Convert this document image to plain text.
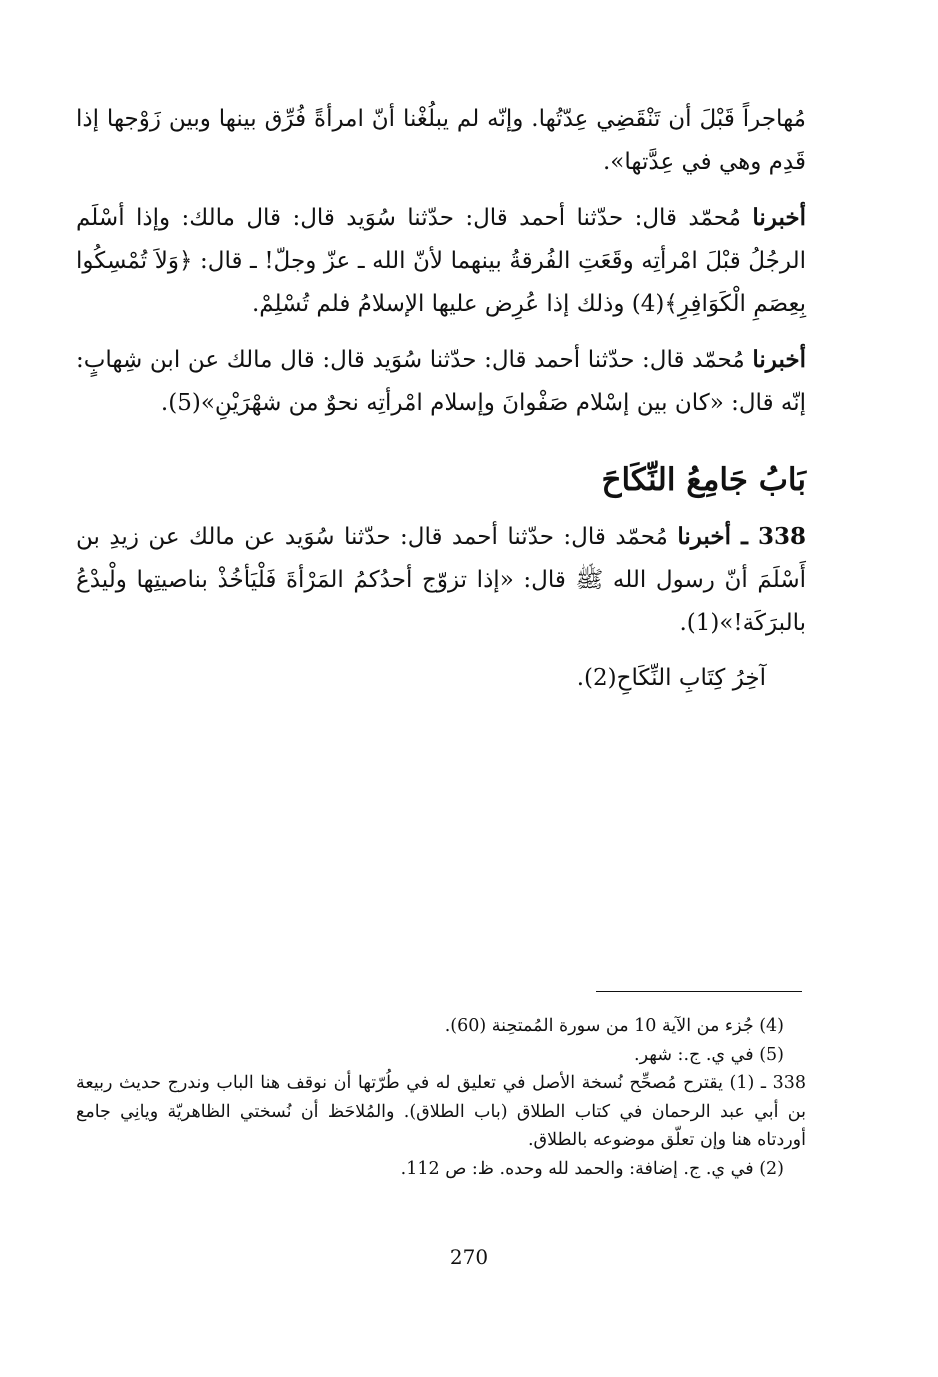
مُهاجراً قَبْلَ أن تَنْقَضِي عِدّتُها. وإنّه لم يبلُغْنا أنّ امرأةً فُرِّق بينها وبين زَوْجها إذا قَدِم وهي في عِدَّتها».

أخبرنا مُحمّد قال: حدّثنا أحمد قال: حدّثنا سُوَيد قال: قال مالك: وإذا أسْلَم الرجُلُ قبْلَ امْرأتِه وقَعَتِ الفُرقةُ بينهما لأنّ الله ـ عزّ وجلّ! ـ قال: ﴿وَلاَ تُمْسِكُوا بِعِصَمِ الْكَوَافِرِ﴾(4) وذلك إذا عُرِض عليها الإسلامُ فلم تُسْلِمْ.

أخبرنا مُحمّد قال: حدّثنا أحمد قال: حدّثنا سُوَيد قال: قال مالك عن ابن شِهابٍ: إنّه قال: «كان بين إسْلام صَفْوانَ وإسلام امْرأتِه نحوٌ من شهْرَيْنِ»(5).

بَابُ جَامِعُ النِّكَاحَ

338 ـ أخبرنا مُحمّد قال: حدّثنا أحمد قال: حدّثنا سُوَيد عن مالك عن زيدِ بن أَسْلَمَ أنّ رسول الله ﷺ قال: «إذا تزوّج أحدُكمُ المَرْأةَ فَلْيَأخُذْ بناصيتِها ولْيدْعُ بالبرَكَة!»(1).

آخِرُ كِتَابِ النِّكَاحِ(2).

(4) جُزء من الآية 10 من سورة المُمتحِنة (60).
(5) في ي. ج.: شهر.
338 ـ (1) يقترح مُصحِّح نُسخة الأصل في تعليق له في طُرّتها أن نوقف هنا الباب وندرج حديث ربيعة بن أبي عبد الرحمان في كتاب الطلاق (باب الطلاق). والمُلاحَظ أن نُسختي الظاهريّة ويانِي جامع أوردتاه هنا وإن تعلّق موضوعه بالطلاق.
(2) في ي. ج. إضافة: والحمد لله وحده. ظ: ص 112.
270
